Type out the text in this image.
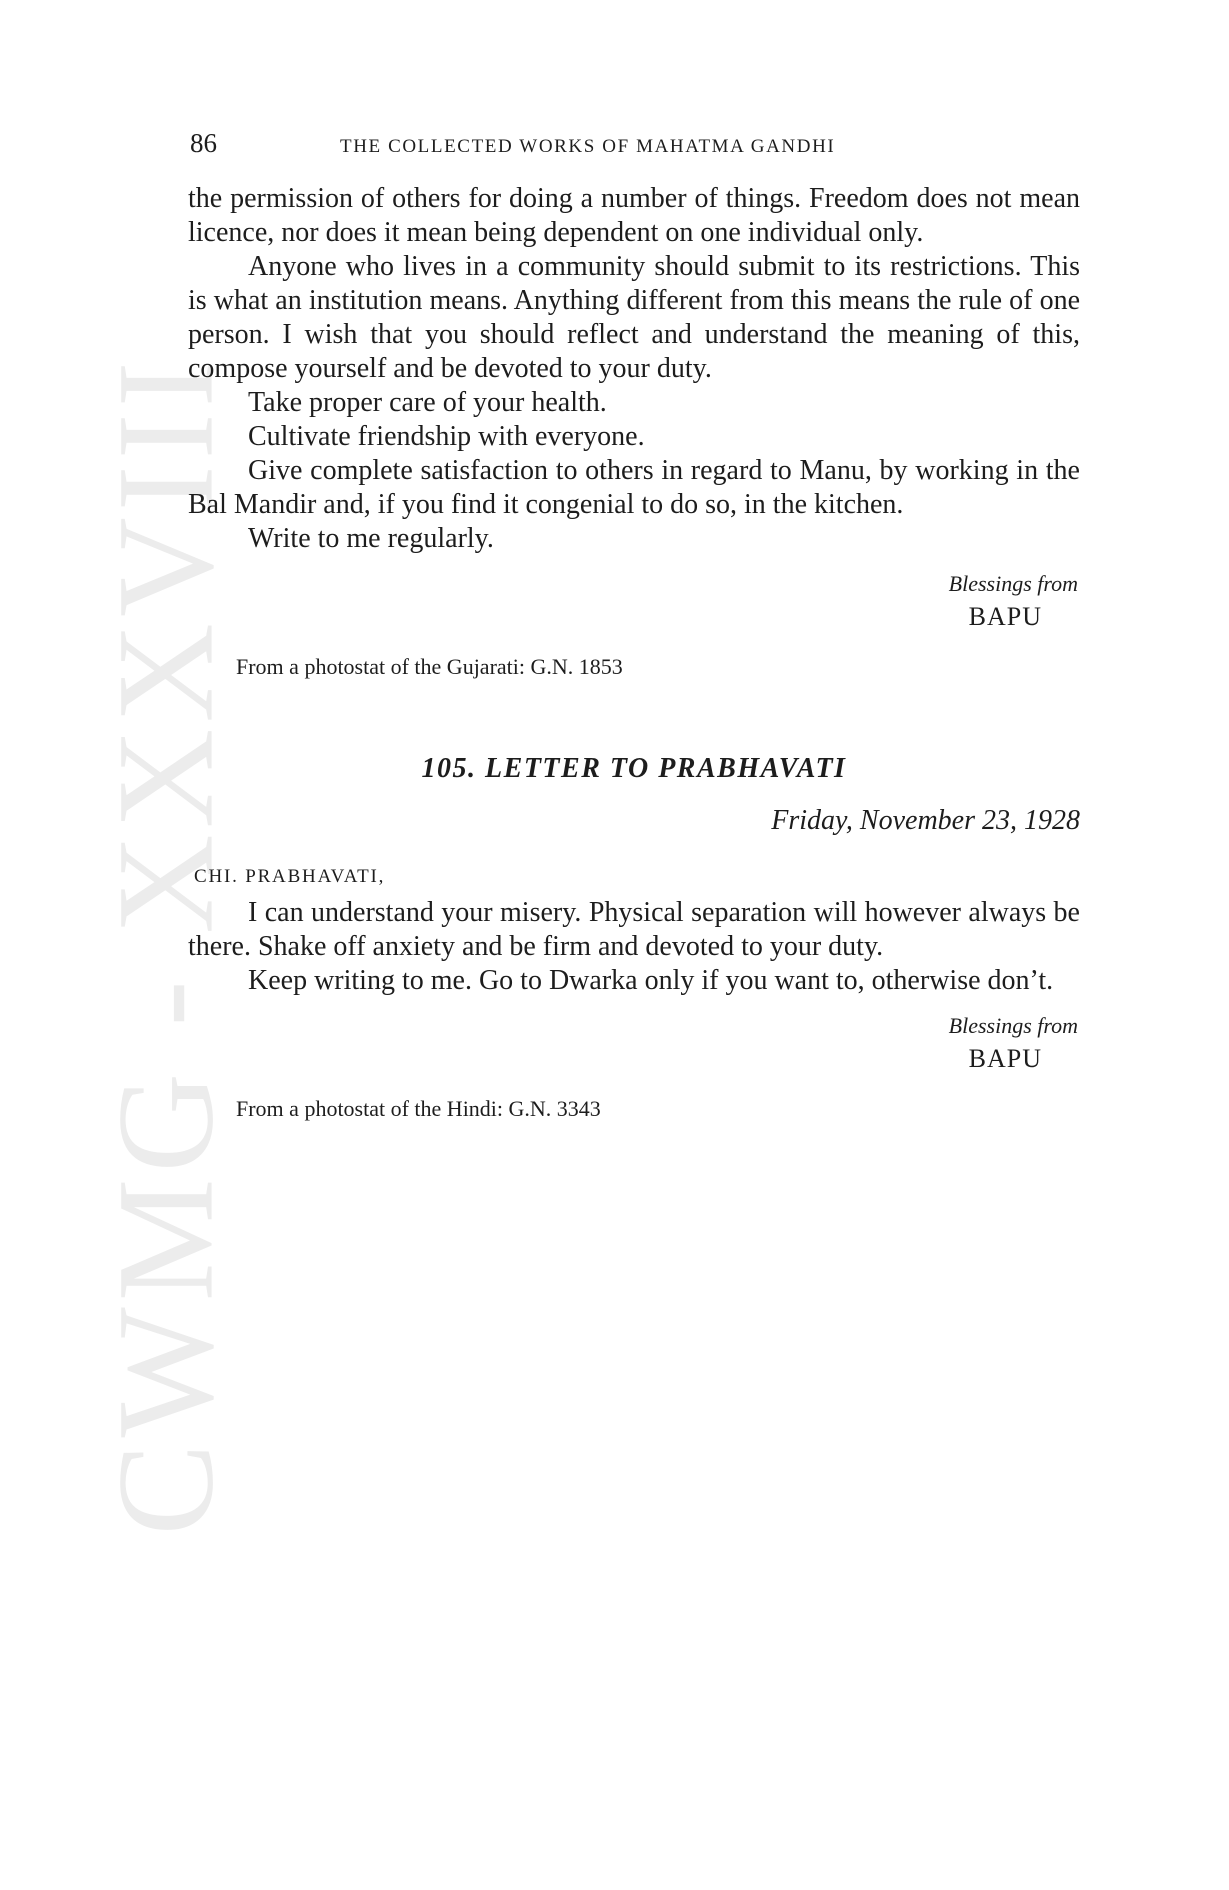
CWMG - XXXVIII
86	THE COLLECTED WORKS OF MAHATMA GANDHI

the permission of others for doing a number of things. Freedom does not mean licence, nor does it mean being dependent on one individual only.

Anyone who lives in a community should submit to its restrictions. This is what an institution means. Anything different from this means the rule of one person. I wish that you should reflect and understand the meaning of this, compose yourself and be devoted to your duty.

Take proper care of your health.

Cultivate friendship with everyone.

Give complete satisfaction to others in regard to Manu, by working in the Bal Mandir and, if you find it congenial to do so, in the kitchen.

Write to me regularly.

Blessings from
BAPU

From a photostat of the Gujarati: G.N. 1853

105. LETTER TO PRABHAVATI

Friday, November 23, 1928

CHI. PRABHAVATI,

I can understand your misery. Physical separation will however always be there. Shake off anxiety and be firm and devoted to your duty.

Keep writing to me. Go to Dwarka only if you want to, otherwise don’t.

Blessings from
BAPU

From a photostat of the Hindi: G.N. 3343
